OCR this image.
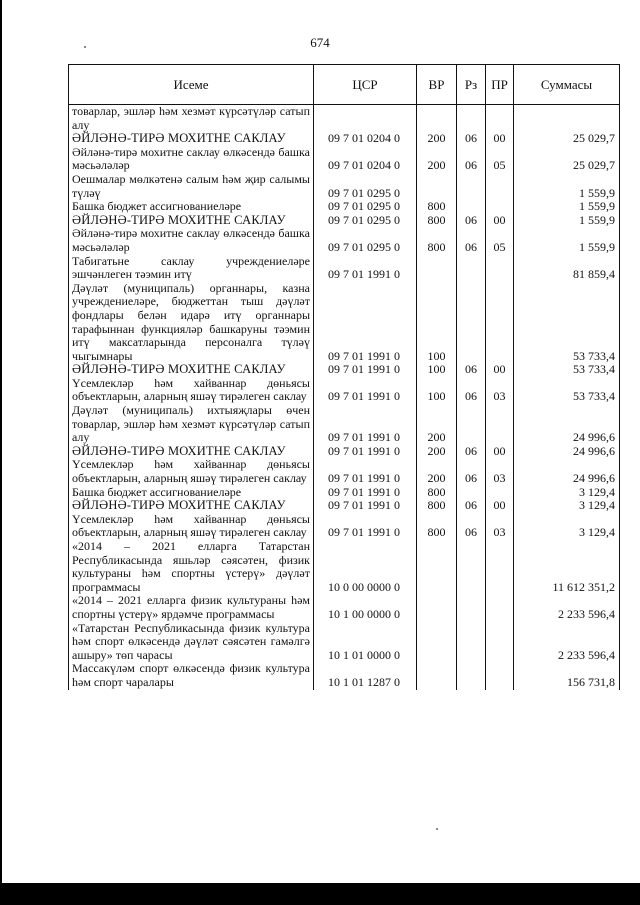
674
Исеме	ЦСР	ВР	Рз	ПР	Суммасы
товарлар, эшләр һәм хезмәт күрсәтүләр сатып алу					
ӘЙЛӘНӘ-ТИРӘ МОХИТНЕ САКЛАУ	09 7 01 0204 0	200	06	00	25 029,7
Әйләнә-тирә мохитне саклау өлкәсендә башка мәсьәләләр	09 7 01 0204 0	200	06	05	25 029,7
Оешмалар мөлкәтенә салым һәм җир салымы түләү	09 7 01 0295 0				1 559,9
Башка бюджет ассигнованиеләре	09 7 01 0295 0	800			1 559,9
ӘЙЛӘНӘ-ТИРӘ МОХИТНЕ САКЛАУ	09 7 01 0295 0	800	06	00	1 559,9
Әйләнә-тирә мохитне саклау өлкәсендә башка мәсьәләләр	09 7 01 0295 0	800	06	05	1 559,9
Табигатьне саклау учреждениеләре эшчәнлеген тәэмин итү	09 7 01 1991 0				81 859,4
Дәүләт (муниципаль) органнары, казна учреждениеләре, бюджеттан тыш дәүләт фондлары белән идарә итү органнары тарафыннан функцияләр башкаруны тәэмин итү максатларында персоналга түләү чыгымнары	09 7 01 1991 0	100			53 733,4
ӘЙЛӘНӘ-ТИРӘ МОХИТНЕ САКЛАУ	09 7 01 1991 0	100	06	00	53 733,4
Үсемлекләр һәм хайваннар дөньясы объектларын, аларның яшәү тирәлеген саклау	09 7 01 1991 0	100	06	03	53 733,4
Дәүләт (муниципаль) ихтыяҗлары өчен товарлар, эшләр һәм хезмәт күрсәтүләр сатып алу	09 7 01 1991 0	200			24 996,6
ӘЙЛӘНӘ-ТИРӘ МОХИТНЕ САКЛАУ	09 7 01 1991 0	200	06	00	24 996,6
Үсемлекләр һәм хайваннар дөньясы объектларын, аларның яшәү тирәлеген саклау	09 7 01 1991 0	200	06	03	24 996,6
Башка бюджет ассигнованиеләре	09 7 01 1991 0	800			3 129,4
ӘЙЛӘНӘ-ТИРӘ МОХИТНЕ САКЛАУ	09 7 01 1991 0	800	06	00	3 129,4
Үсемлекләр һәм хайваннар дөньясы объектларын, аларның яшәү тирәлеген саклау	09 7 01 1991 0	800	06	03	3 129,4
«2014 – 2021 елларга Татарстан Республикасында яшьләр сәясәтен, физик культураны һәм спортны үстерү» дәүләт программасы	10 0 00 0000 0				11 612 351,2
«2014 – 2021 елларга физик культураны һәм спортны үстерү» ярдәмче программасы	10 1 00 0000 0				2 233 596,4
«Татарстан Республикасында физик культура һәм спорт өлкәсендә дәүләт сәясәтен гамәлгә ашыру» төп чарасы	10 1 01 0000 0				2 233 596,4
Массакүләм спорт өлкәсендә физик культура һәм спорт чаралары	10 1 01 1287 0				156 731,8
